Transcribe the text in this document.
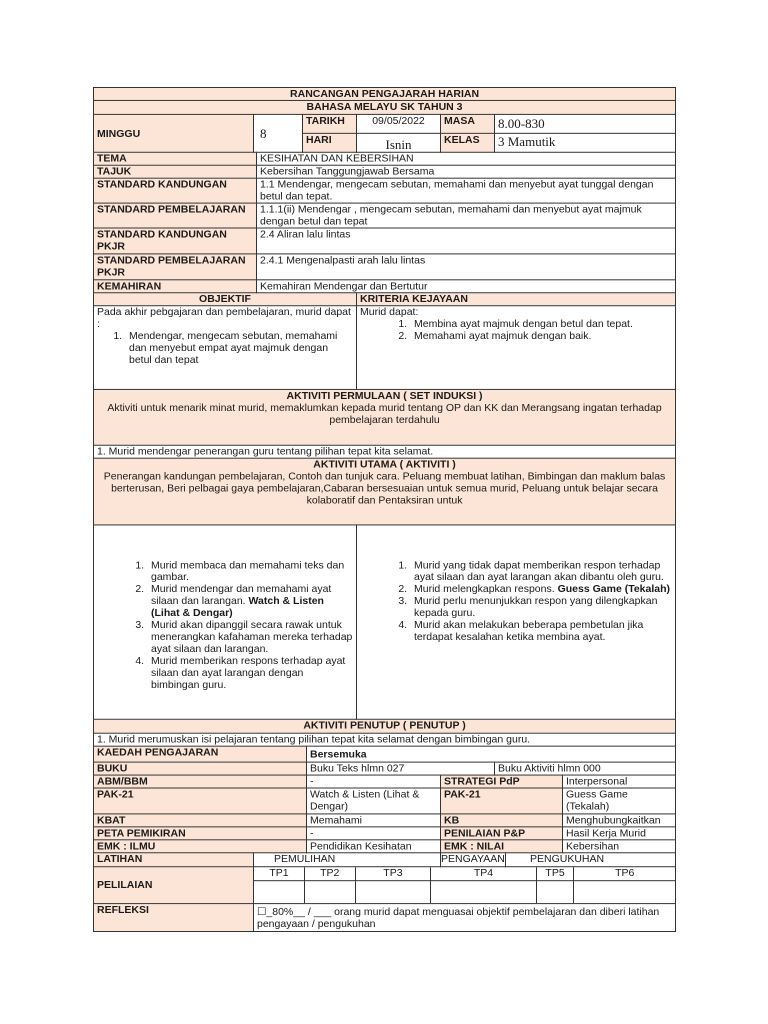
RANCANGAN PENGAJARAH HARIAN
BAHASA MELAYU SK TAHUN 3
MINGGU	8	TARIKH	09/05/2022	MASA	8.00-830
HARI	Isnin	KELAS	3 Mamutik
TEMA	KESIHATAN DAN KEBERSIHAN
TAJUK	Kebersihan Tanggungjawab Bersama
STANDARD KANDUNGAN	1.1 Mendengar, mengecam sebutan, memahami dan menyebut ayat tunggal dengan betul dan tepat.
STANDARD PEMBELAJARAN	1.1.1(ii) Mendengar , mengecam sebutan, memahami dan menyebut ayat majmuk dengan betul dan tepat
STANDARD KANDUNGAN PKJR	2.4 Aliran lalu lintas
STANDARD PEMBELAJARAN PKJR	2.4.1 Mengenalpasti arah lalu lintas
KEMAHIRAN	Kemahiran Mendengar dan Bertutur
OBJEKTIF	KRITERIA KEJAYAAN

Pada akhir pebgajaran dan pembelajaran, murid dapat :
1. Mendengar, mengecam sebutan, memahami dan menyebut empat ayat majmuk dengan betul dan tepat

Murid dapat:
1. Membina ayat majmuk dengan betul dan tepat.
2. Memahami ayat majmuk dengan baik.

AKTIVITI PERMULAAN ( SET INDUKSI )
Aktiviti untuk menarik minat murid, memaklumkan kepada murid tentang OP dan KK dan Merangsang ingatan terhadap pembelajaran terdahulu

1. Murid mendengar penerangan guru tentang pilihan tepat kita selamat.

AKTIVITI UTAMA ( AKTIVITI )
Penerangan kandungan pembelajaran, Contoh dan tunjuk cara. Peluang membuat latihan, Bimbingan dan maklum balas berterusan, Beri pelbagai gaya pembelajaran,Cabaran bersesuaian untuk semua murid, Peluang untuk belajar secara kolaboratif dan Pentaksiran untuk

1. Murid membaca dan memahami teks dan gambar.
2. Murid mendengar dan memahami ayat silaan dan larangan. Watch & Listen (Lihat & Dengar)
3. Murid akan dipanggil secara rawak untuk menerangkan kafahaman mereka terhadap ayat silaan dan larangan.
4. Murid memberikan respons terhadap ayat silaan dan ayat larangan dengan bimbingan guru.

1. Murid yang tidak dapat memberikan respon terhadap ayat silaan dan ayat larangan akan dibantu oleh guru.
2. Murid melengkapkan respons. Guess Game (Tekalah)
3. Murid perlu menunjukkan respon yang dilengkapkan kepada guru.
4. Murid akan melakukan beberapa pembetulan jika terdapat kesalahan ketika membina ayat.

AKTIVITI PENUTUP ( PENUTUP )
1. Murid merumuskan isi pelajaran tentang pilihan tepat kita selamat dengan bimbingan guru.
KAEDAH PENGAJARAN	Bersemuka
BUKU	Buku Teks hlmn 027	Buku Aktiviti hlmn 000
ABM/BBM	-	STRATEGI PdP	Interpersonal
PAK-21	Watch & Listen (Lihat & Dengar)	PAK-21	Guess Game (Tekalah)
KBAT	Memahami	KB	Menghubungkaitkan
PETA PEMIKIRAN	-	PENILAIAN P&P	Hasil Kerja Murid
EMK : ILMU	Pendidikan Kesihatan	EMK : NILAI	Kebersihan
LATIHAN	PEMULIHAN	PENGAYAAN	PENGUKUHAN
PELILAIAN	
TP1	TP2	TP3	TP4	TP5	TP6

REFLEKSI	☐_80%__ / ___ orang murid dapat menguasai objektif pembelajaran dan diberi latihan pengayaan / pengukuhan
